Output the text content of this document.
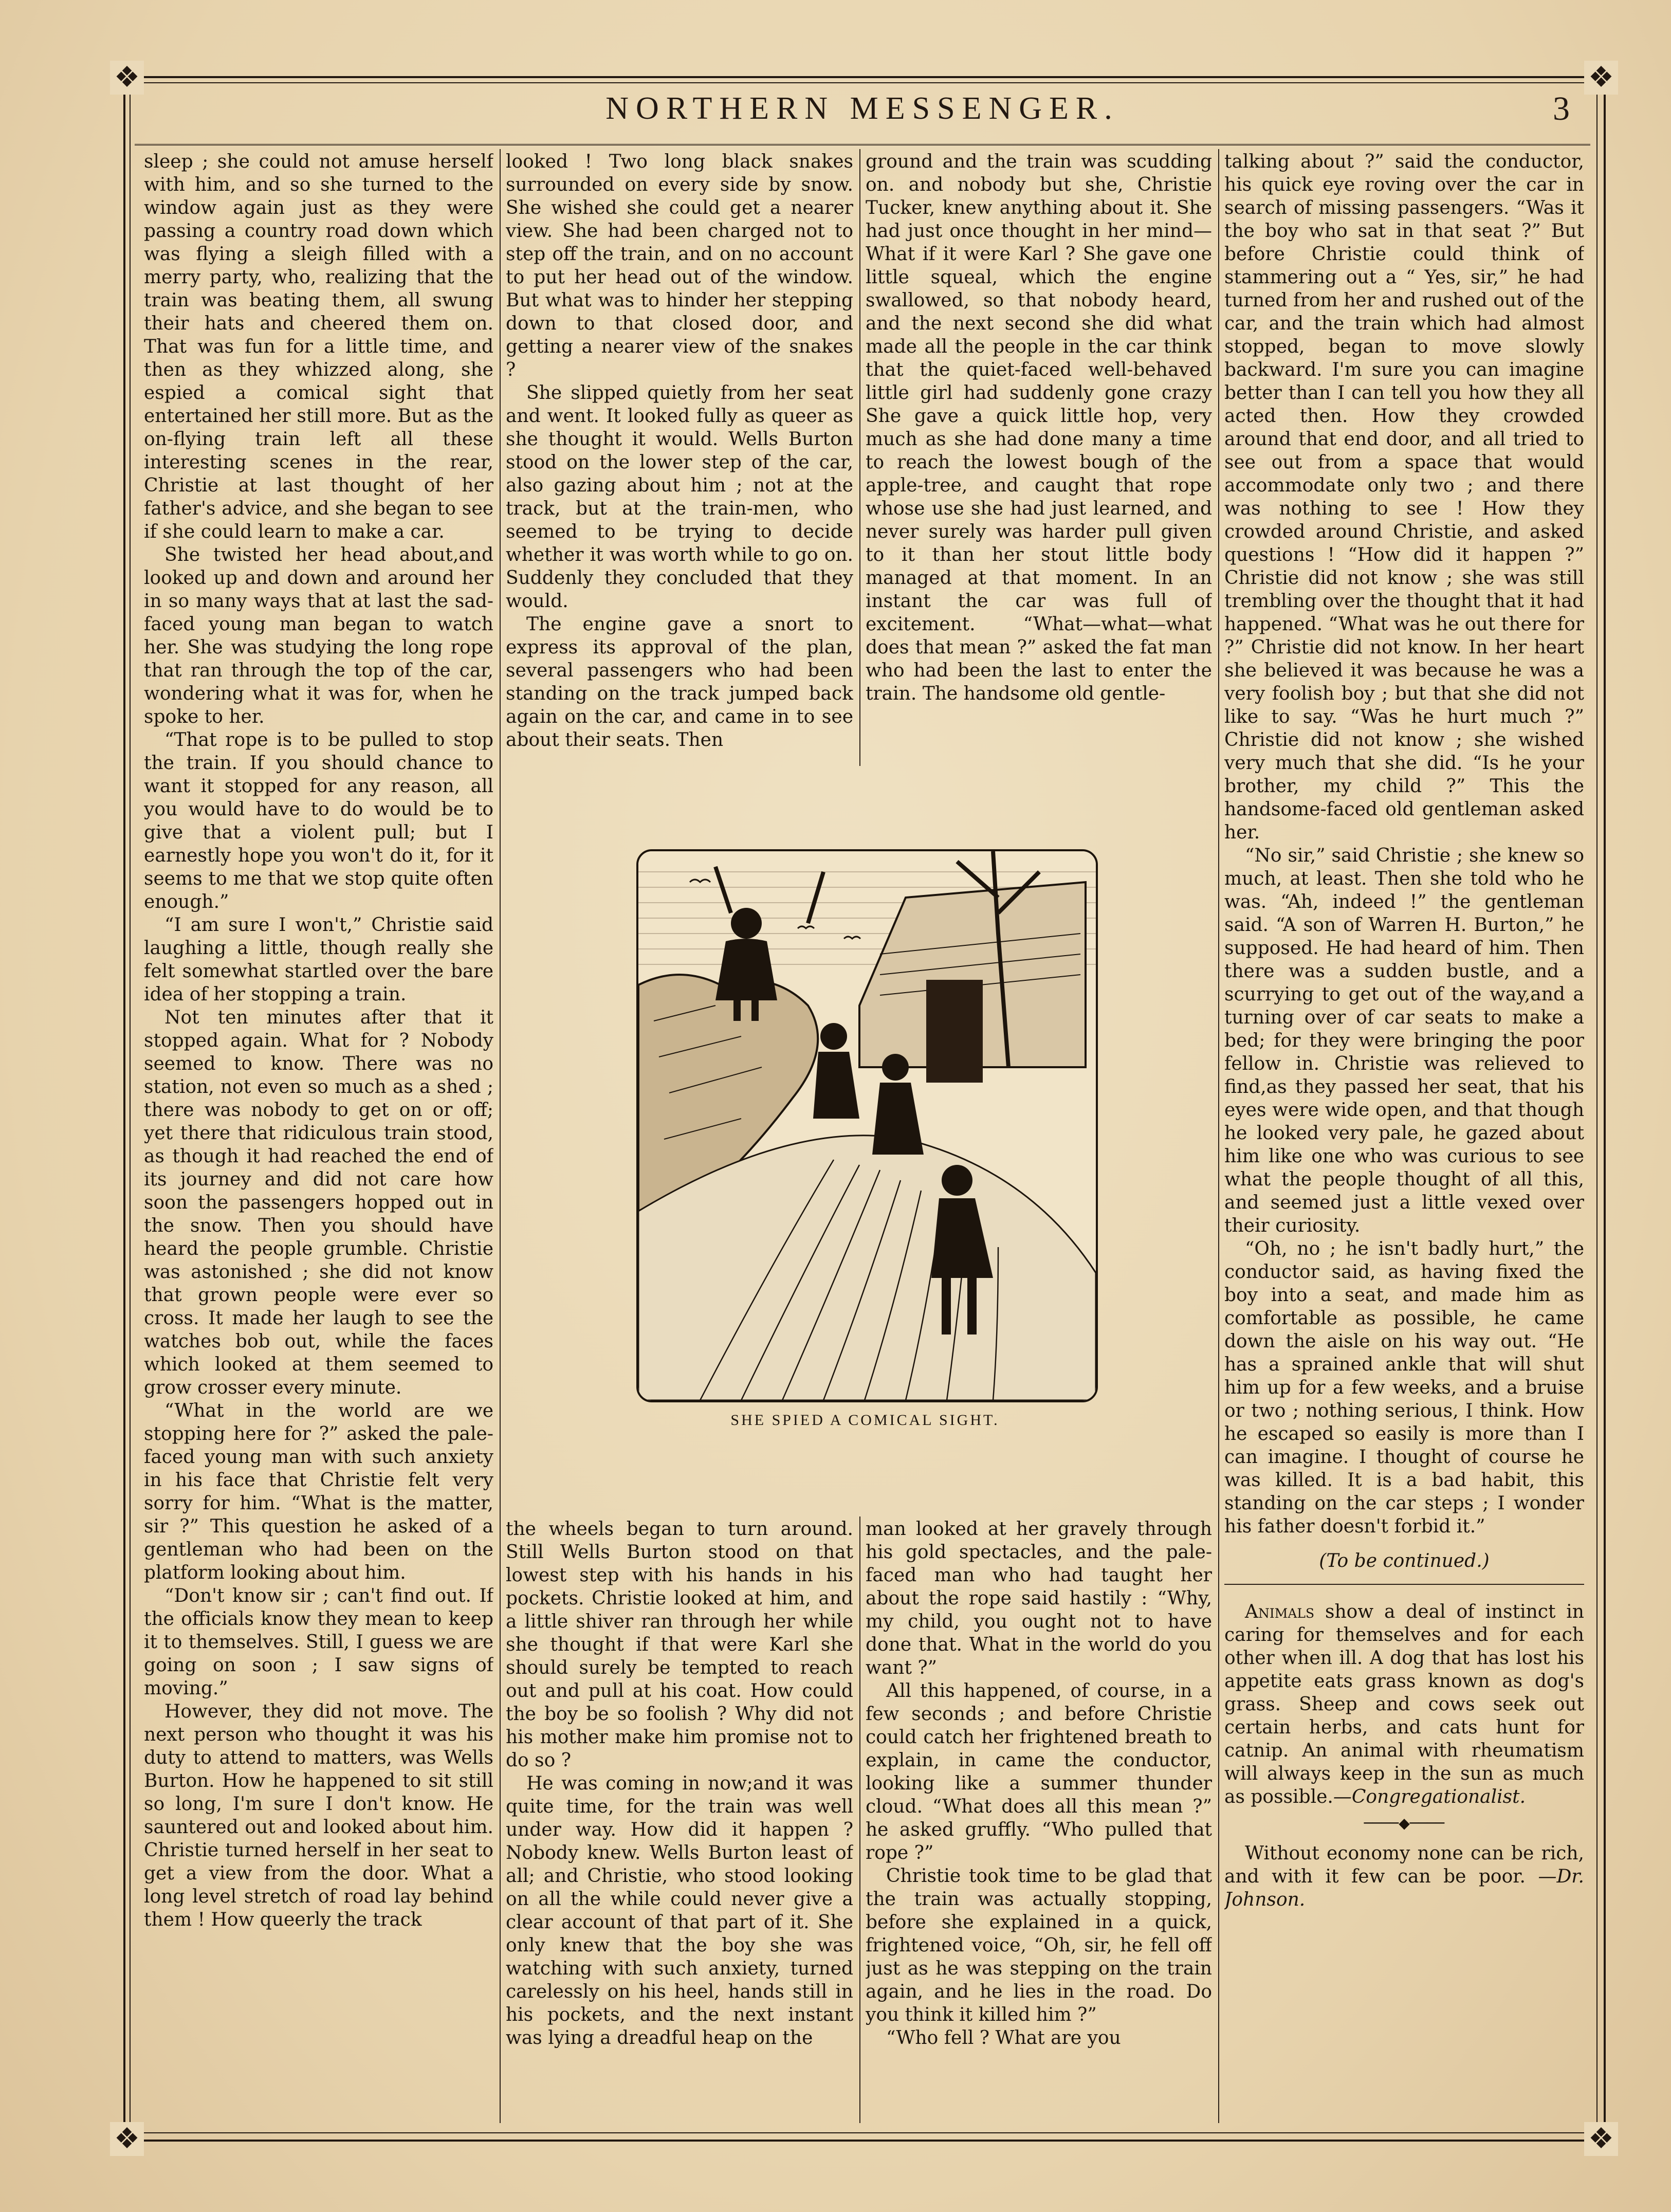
❖	❖
❖	❖
NORTHERN MESSENGER.	3

sleep ; she could not amuse herself with him, and so she turned to the window again just as they were passing a country road down which was flying a sleigh filled with a merry party, who, realizing that the train was beating them, all swung their hats and cheered them on. That was fun for a little time, and then as they whizzed along, she espied a comical sight that entertained her still more. But as the on-flying train left all these interesting scenes in the rear, Christie at last thought of her father's advice, and she began to see if she could learn to make a car.

She twisted her head about,and looked up and down and around her in so many ways that at last the sad-faced young man began to watch her. She was studying the long rope that ran through the top of the car, wondering what it was for, when he spoke to her.

“That rope is to be pulled to stop the train. If you should chance to want it stopped for any reason, all you would have to do would be to give that a violent pull; but I earnestly hope you won't do it, for it seems to me that we stop quite often enough.”

“I am sure I won't,” Christie said laughing a little, though really she felt somewhat startled over the bare idea of her stopping a train.

Not ten minutes after that it stopped again. What for ? Nobody seemed to know. There was no station, not even so much as a shed ; there was nobody to get on or off; yet there that ridiculous train stood, as though it had reached the end of its journey and did not care how soon the passengers hopped out in the snow. Then you should have heard the people grumble. Christie was astonished ; she did not know that grown people were ever so cross. It made her laugh to see the watches bob out, while the faces which looked at them seemed to grow crosser every minute.

“What in the world are we stopping here for ?” asked the pale-faced young man with such anxiety in his face that Christie felt very sorry for him. “What is the matter, sir ?” This question he asked of a gentleman who had been on the platform looking about him.

“Don't know sir ; can't find out. If the officials know they mean to keep it to themselves. Still, I guess we are going on soon ; I saw signs of moving.”

However, they did not move. The next person who thought it was his duty to attend to matters, was Wells Burton. How he happened to sit still so long, I'm sure I don't know. He sauntered out and looked about him. Christie turned herself in her seat to get a view from the door. What a long level stretch of road lay behind them ! How queerly the track

looked ! Two long black snakes surrounded on every side by snow. She wished she could get a nearer view. She had been charged not to step off the train, and on no account to put her head out of the window. But what was to hinder her stepping down to that closed door, and getting a nearer view of the snakes ?

She slipped quietly from her seat and went. It looked fully as queer as she thought it would. Wells Burton stood on the lower step of the car, also gazing about him ; not at the track, but at the train-men, who seemed to be trying to decide whether it was worth while to go on. Suddenly they concluded that they would.

The engine gave a snort to express its approval of the plan, several passengers who had been standing on the track jumped back again on the car, and came in to see about their seats. Then

ground and the train was scudding on. and nobody but she, Christie Tucker, knew anything about it. She had just once thought in her mind—What if it were Karl ? She gave one little squeal, which the engine swallowed, so that nobody heard, and the next second she did what made all the people in the car think that the quiet-faced well-behaved little girl had suddenly gone crazy She gave a quick little hop, very much as she had done many a time to reach the lowest bough of the apple-tree, and caught that rope whose use she had just learned, and never surely was harder pull given to it than her stout little body managed at that moment. In an instant the car was full of excitement. “What—what—what does that mean ?” asked the fat man who had been the last to enter the train. The handsome old gentle-

SHE SPIED A COMICAL SIGHT.

the wheels began to turn around. Still Wells Burton stood on that lowest step with his hands in his pockets. Christie looked at him, and a little shiver ran through her while she thought if that were Karl she should surely be tempted to reach out and pull at his coat. How could the boy be so foolish ? Why did not his mother make him promise not to do so ?

He was coming in now;and it was quite time, for the train was well under way. How did it happen ? Nobody knew. Wells Burton least of all; and Christie, who stood looking on all the while could never give a clear account of that part of it. She only knew that the boy she was watching with such anxiety, turned carelessly on his heel, hands still in his pockets, and the next instant was lying a dreadful heap on the

man looked at her gravely through his gold spectacles, and the pale-faced man who had taught her about the rope said hastily : “Why, my child, you ought not to have done that. What in the world do you want ?”

All this happened, of course, in a few seconds ; and before Christie could catch her frightened breath to explain, in came the conductor, looking like a summer thunder cloud. “What does all this mean ?” he asked gruffly. “Who pulled that rope ?”

Christie took time to be glad that the train was actually stopping, before she explained in a quick, frightened voice, “Oh, sir, he fell off just as he was stepping on the train again, and he lies in the road. Do you think it killed him ?”

“Who fell ? What are you

talking about ?” said the conductor, his quick eye roving over the car in search of missing passengers. “Was it the boy who sat in that seat ?” But before Christie could think of stammering out a “ Yes, sir,” he had turned from her and rushed out of the car, and the train which had almost stopped, began to move slowly backward. I'm sure you can imagine better than I can tell you how they all acted then. How they crowded around that end door, and all tried to see out from a space that would accommodate only two ; and there was nothing to see ! How they crowded around Christie, and asked questions ! “How did it happen ?” Christie did not know ; she was still trembling over the thought that it had happened. “What was he out there for ?” Christie did not know. In her heart she believed it was because he was a very foolish boy ; but that she did not like to say. “Was he hurt much ?” Christie did not know ; she wished very much that she did. “Is he your brother, my child ?” This the handsome-faced old gentleman asked her.

“No sir,” said Christie ; she knew so much, at least. Then she told who he was. “Ah, indeed !” the gentleman said. “A son of Warren H. Burton,” he supposed. He had heard of him. Then there was a sudden bustle, and a scurrying to get out of the way,and a turning over of car seats to make a bed; for they were bringing the poor fellow in. Christie was relieved to find,as they passed her seat, that his eyes were wide open, and that though he looked very pale, he gazed about him like one who was curious to see what the people thought of all this, and seemed just a little vexed over their curiosity.

“Oh, no ; he isn't badly hurt,” the conductor said, as having fixed the boy into a seat, and made him as comfortable as possible, he came down the aisle on his way out. “He has a sprained ankle that will shut him up for a few weeks, and a bruise or two ; nothing serious, I think. How he escaped so easily is more than I can imagine. I thought of course he was killed. It is a bad habit, this standing on the car steps ; I wonder his father doesn't forbid it.”

(To be continued.)

Animals show a deal of instinct in caring for themselves and for each other when ill. A dog that has lost his appetite eats grass known as dog's grass. Sheep and cows seek out certain herbs, and cats hunt for catnip. An animal with rheumatism will always keep in the sun as much as possible.—Congregationalist.

────◆────

Without economy none can be rich, and with it few can be poor. —Dr. Johnson.
